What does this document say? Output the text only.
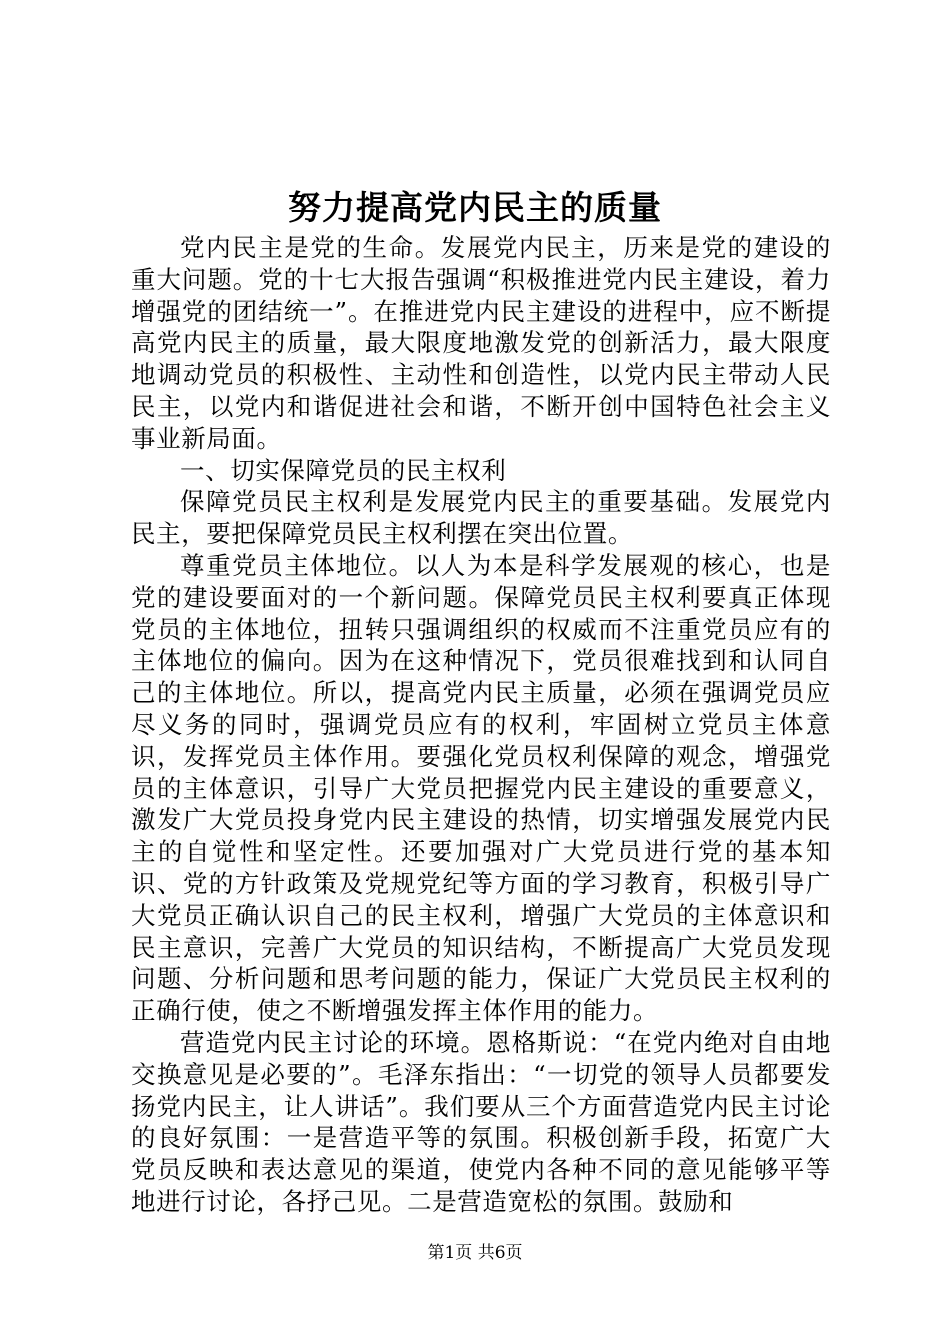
努力提高党内民主的质量

党内民主是党的生命。发展党内民主，历来是党的建设的重大问题。党的十七大报告强调“积极推进党内民主建设，着力增强党的团结统一”。在推进党内民主建设的进程中，应不断提高党内民主的质量，最大限度地激发党的创新活力，最大限度地调动党员的积极性、主动性和创造性，以党内民主带动人民民主，以党内和谐促进社会和谐，不断开创中国特色社会主义事业新局面。

一、切实保障党员的民主权利

保障党员民主权利是发展党内民主的重要基础。发展党内民主，要把保障党员民主权利摆在突出位置。

尊重党员主体地位。以人为本是科学发展观的核心，也是党的建设要面对的一个新问题。保障党员民主权利要真正体现党员的主体地位，扭转只强调组织的权威而不注重党员应有的主体地位的偏向。因为在这种情况下，党员很难找到和认同自己的主体地位。所以，提高党内民主质量，必须在强调党员应尽义务的同时，强调党员应有的权利，牢固树立党员主体意识，发挥党员主体作用。要强化党员权利保障的观念，增强党员的主体意识，引导广大党员把握党内民主建设的重要意义，激发广大党员投身党内民主建设的热情，切实增强发展党内民主的自觉性和坚定性。还要加强对广大党员进行党的基本知识、党的方针政策及党规党纪等方面的学习教育，积极引导广大党员正确认识自己的民主权利，增强广大党员的主体意识和民主意识，完善广大党员的知识结构，不断提高广大党员发现问题、分析问题和思考问题的能力，保证广大党员民主权利的正确行使，使之不断增强发挥主体作用的能力。

营造党内民主讨论的环境。恩格斯说：“在党内绝对自由地交换意见是必要的”。毛泽东指出：“一切党的领导人员都要发扬党内民主，让人讲话”。我们要从三个方面营造党内民主讨论的良好氛围：一是营造平等的氛围。积极创新手段，拓宽广大党员反映和表达意见的渠道，使党内各种不同的意见能够平等地进行讨论，各抒己见。二是营造宽松的氛围。鼓励和

第1页 共6页
